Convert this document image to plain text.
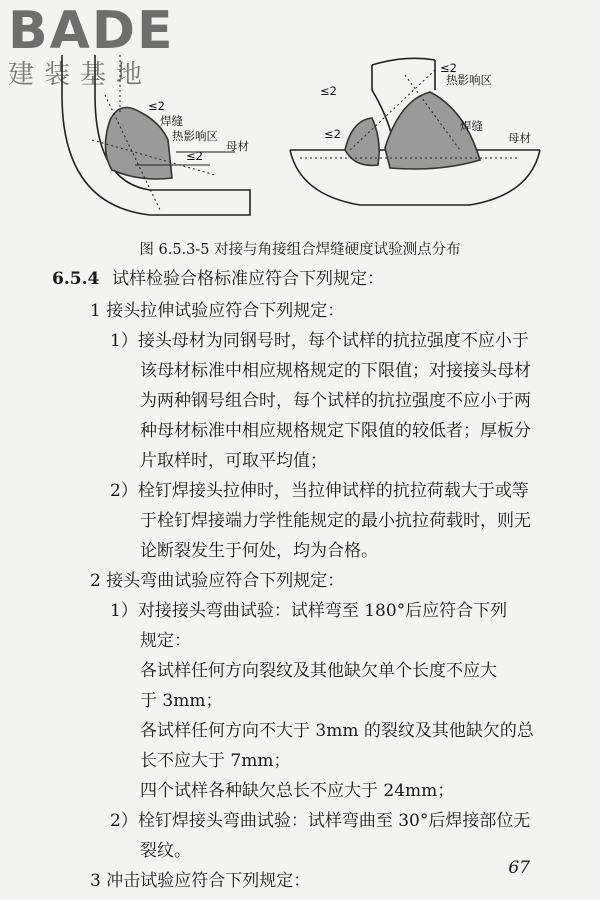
BADE
建装基地
焊缝
热影响区
母材
≤2
≤2
≤2
≤2
≤2
热影响区
焊缝
母材
图 6.5.3-5 对接与角接组合焊缝硬度试验测点分布
6.5.4 试样检验合格标准应符合下列规定：
1 接头拉伸试验应符合下列规定：
1）接头母材为同钢号时，每个试样的抗拉强度不应小于
该母材标准中相应规格规定的下限值；对接接头母材
为两种钢号组合时，每个试样的抗拉强度不应小于两
种母材标准中相应规格规定下限值的较低者；厚板分
片取样时，可取平均值；
2）栓钉焊接头拉伸时，当拉伸试样的抗拉荷载大于或等
于栓钉焊接端力学性能规定的最小抗拉荷载时，则无
论断裂发生于何处，均为合格。
2 接头弯曲试验应符合下列规定：
1）对接接头弯曲试验：试样弯至 180°后应符合下列
规定：
各试样任何方向裂纹及其他缺欠单个长度不应大
于 3mm；
各试样任何方向不大于 3mm 的裂纹及其他缺欠的总
长不应大于 7mm；
四个试样各种缺欠总长不应大于 24mm；
67
2）栓钉焊接头弯曲试验：试样弯曲至 30°后焊接部位无
裂纹。
3 冲击试验应符合下列规定：
